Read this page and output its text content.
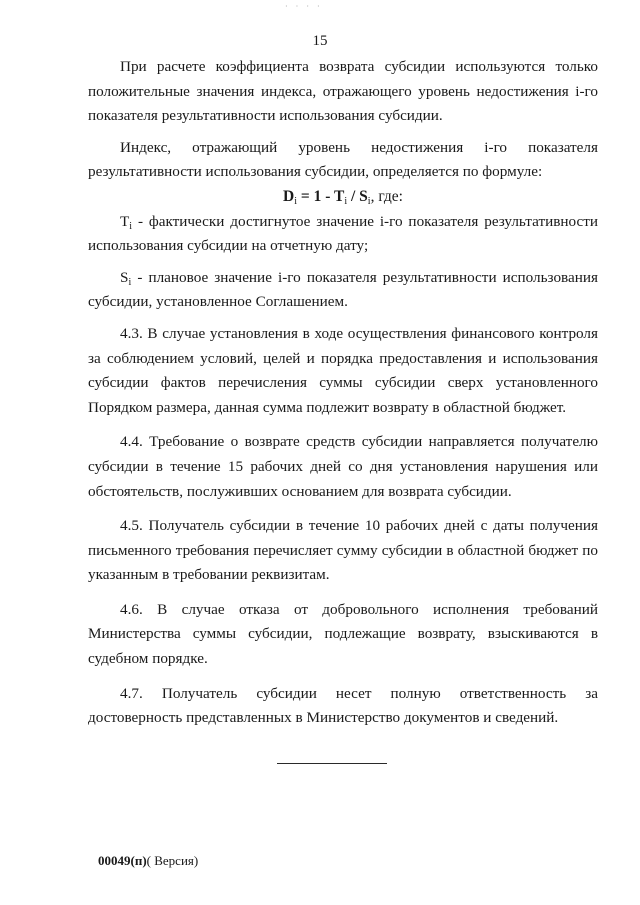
· · · ·
15

При расчете коэффициента возврата субсидии используются только положительные значения индекса, отражающего уровень недостижения i-го показателя результативности использования субсидии.

Индекс, отражающий уровень недостижения i-го показателя результативности использования субсидии, определяется по формуле:

$D_i = 1 - T_i / S_i$, где:

$T_i$ - фактически достигнутое значение i-го показателя результативности использования субсидии на отчетную дату;

$S_i$ - плановое значение i-го показателя результативности использования субсидии, установленное Соглашением.

4.3. В случае установления в ходе осуществления финансового контроля за соблюдением условий, целей и порядка предоставления и использования субсидии фактов перечисления суммы субсидии сверх установленного Порядком размера, данная сумма подлежит возврату в областной бюджет.

4.4. Требование о возврате средств субсидии направляется получателю субсидии в течение 15 рабочих дней со дня установления нарушения или обстоятельств, послуживших основанием для возврата субсидии.

4.5. Получатель субсидии в течение 10 рабочих дней с даты получения письменного требования перечисляет сумму субсидии в областной бюджет по указанным в требовании реквизитам.

4.6. В случае отказа от добровольного исполнения требований Министерства суммы субсидии, подлежащие возврату, взыскиваются в судебном порядке.

4.7. Получатель субсидии несет полную ответственность за достоверность представленных в Министерство документов и сведений.

00049(п)( Версия)
